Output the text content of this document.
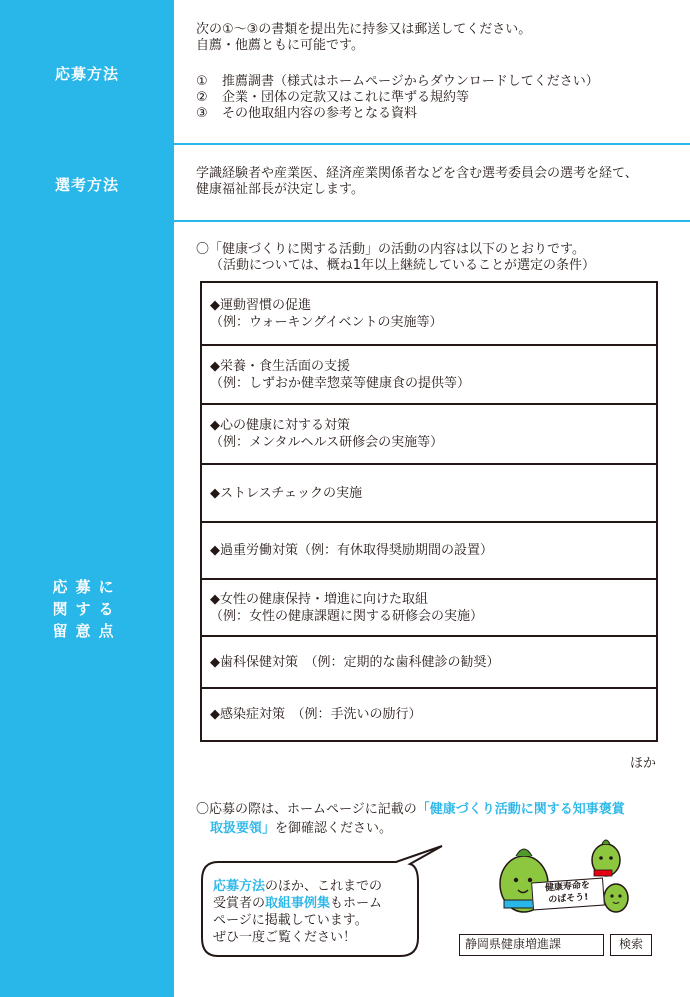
応募方法

次の①～③の書類を提出先に持参又は郵送してください。

自薦・他薦ともに可能です。

① 推薦調書（様式はホームページからダウンロードしてください）
② 企業・団体の定款又はこれに準ずる規約等
③ その他取組内容の参考となる資料
選考方法

学識経験者や産業医、経済産業関係者などを含む選考委員会の選考を経て、

健康福祉部長が決定します。

応募に
関する
留意点

〇「健康づくりに関する活動」の活動の内容は以下のとおりです。

（活動については、概ね1年以上継続していることが選定の条件）

◆運動習慣の促進
（例：ウォーキングイベントの実施等）
◆栄養・食生活面の支援
（例：しずおか健幸惣菜等健康食の提供等）
◆心の健康に対する対策
（例：メンタルヘルス研修会の実施等）
◆ストレスチェックの実施
◆過重労働対策（例：有休取得奨励期間の設置）
◆女性の健康保持・増進に向けた取組
（例：女性の健康課題に関する研修会の実施）
◆歯科保健対策　（例：定期的な歯科健診の勧奨）
◆感染症対策　（例：手洗いの励行）
ほか
〇応募の際は、ホームページに記載の「健康づくり活動に関する知事褒賞
取扱要領」を御確認ください。
応募方法のほか、これまでの
受賞者の取組事例集もホーム
ページに掲載しています。
ぜひ一度ご覧ください！
健康寿命を
のばそう!
静岡県健康増進課	検索
